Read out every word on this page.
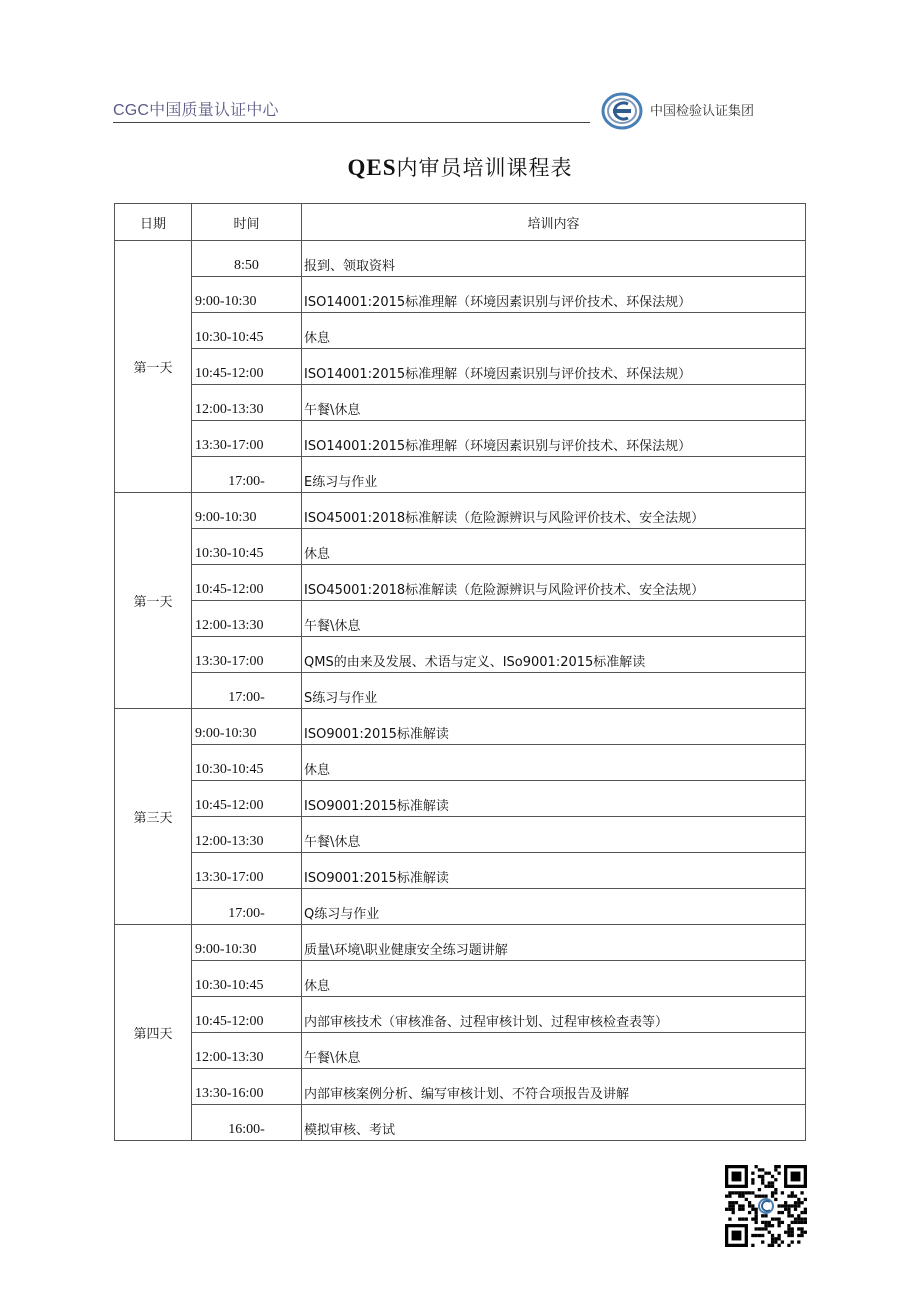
CGC中国质量认证中心	中国检验认证集团
QES内审员培训课程表
日期	时间	培训内容
第一天	8:50	报到、领取资料
	9:00-10:30	ISO14001:2015标准理解（环境因素识别与评价技术、环保法规）
	10:30-10:45	休息
	10:45-12:00	ISO14001:2015标准理解（环境因素识别与评价技术、环保法规）
	12:00-13:30	午餐\休息
	13:30-17:00	ISO14001:2015标准理解（环境因素识别与评价技术、环保法规）
	17:00-	E练习与作业
第一天	9:00-10:30	ISO45001:2018标准解读（危险源辨识与风险评价技术、安全法规）
	10:30-10:45	休息
	10:45-12:00	ISO45001:2018标准解读（危险源辨识与风险评价技术、安全法规）
	12:00-13:30	午餐\休息
	13:30-17:00	QMS的由来及发展、术语与定义、ISo9001:2015标准解读
	17:00-	S练习与作业
第三天	9:00-10:30	ISO9001:2015标准解读
	10:30-10:45	休息
	10:45-12:00	ISO9001:2015标准解读
	12:00-13:30	午餐\休息
	13:30-17:00	ISO9001:2015标准解读
	17:00-	Q练习与作业
第四天	9:00-10:30	质量\环境\职业健康安全练习题讲解
	10:30-10:45	休息
	10:45-12:00	内部审核技术（审核准备、过程审核计划、过程审核检查表等）
	12:00-13:30	午餐\休息
	13:30-16:00	内部审核案例分析、编写审核计划、不符合项报告及讲解
	16:00-	模拟审核、考试
